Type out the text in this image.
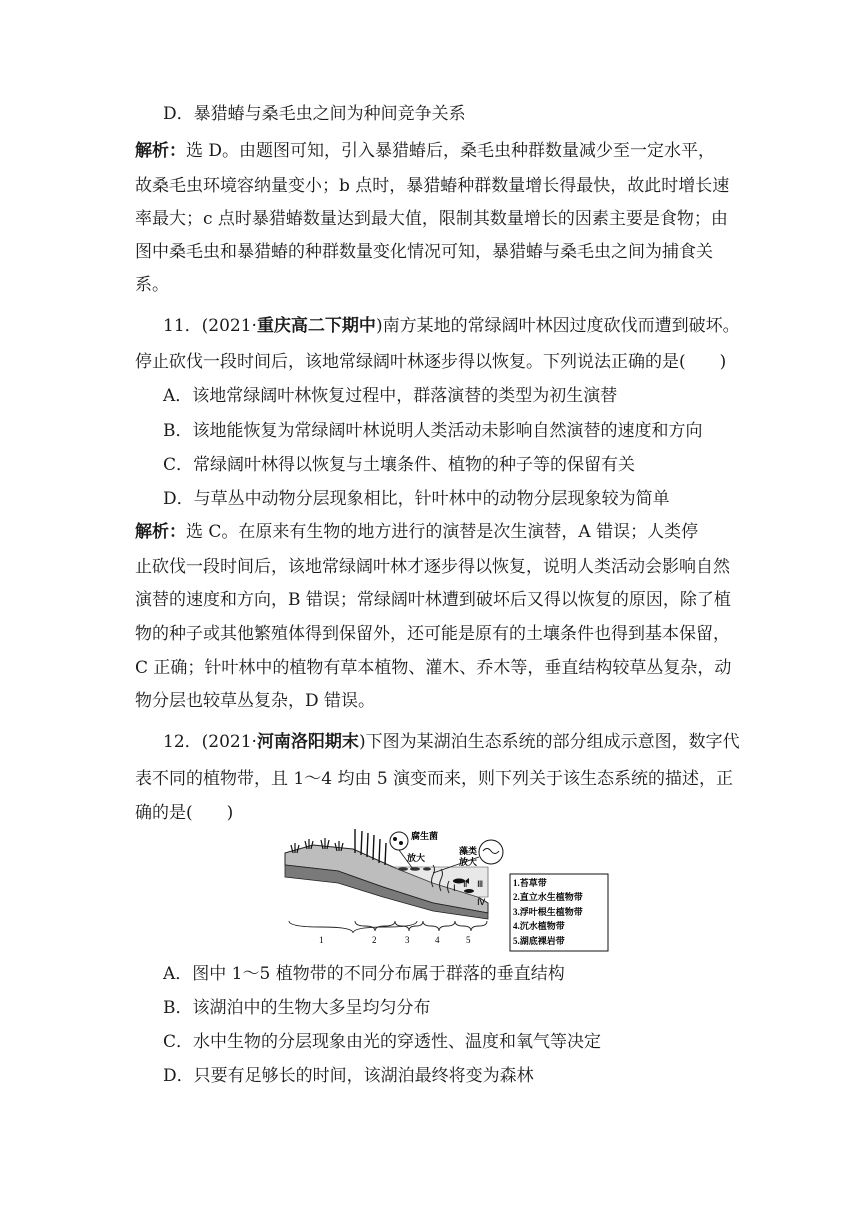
D．暴猎蝽与桑毛虫之间为种间竞争关系
解析：选 D。由题图可知，引入暴猎蝽后，桑毛虫种群数量减少至一定水平，
故桑毛虫环境容纳量变小；b 点时，暴猎蝽种群数量增长得最快，故此时增长速
率最大；c 点时暴猎蝽数量达到最大值，限制其数量增长的因素主要是食物；由
图中桑毛虫和暴猎蝽的种群数量变化情况可知，暴猎蝽与桑毛虫之间为捕食关
系。
11．(2021·重庆高二下期中)南方某地的常绿阔叶林因过度砍伐而遭到破坏。
停止砍伐一段时间后，该地常绿阔叶林逐步得以恢复。下列说法正确的是(　　)
A．该地常绿阔叶林恢复过程中，群落演替的类型为初生演替
B．该地能恢复为常绿阔叶林说明人类活动未影响自然演替的速度和方向
C．常绿阔叶林得以恢复与土壤条件、植物的种子等的保留有关
D．与草丛中动物分层现象相比，针叶林中的动物分层现象较为简单
解析：选 C。在原来有生物的地方进行的演替是次生演替，A 错误；人类停
止砍伐一段时间后，该地常绿阔叶林才逐步得以恢复，说明人类活动会影响自然
演替的速度和方向，B 错误；常绿阔叶林遭到破坏后又得以恢复的原因，除了植
物的种子或其他繁殖体得到保留外，还可能是原有的土壤条件也得到基本保留，
C 正确；针叶林中的植物有草本植物、灌木、乔木等，垂直结构较草丛复杂，动
物分层也较草丛复杂，D 错误。
12．(2021·河南洛阳期末)下图为某湖泊生态系统的部分组成示意图，数字代
表不同的植物带，且 1～4 均由 5 演变而来，则下列关于该生态系统的描述，正
确的是(　　)
腐生菌
藻类
放大	放大
Ⅰ Ⅱ Ⅲ
Ⅳ
1	2	3	4	5
1.苔草带
2.直立水生植物带
3.浮叶根生植物带
4.沉水植物带
5.湖底裸岩带
A．图中 1～5 植物带的不同分布属于群落的垂直结构
B．该湖泊中的生物大多呈均匀分布
C．水中生物的分层现象由光的穿透性、温度和氧气等决定
D．只要有足够长的时间，该湖泊最终将变为森林
